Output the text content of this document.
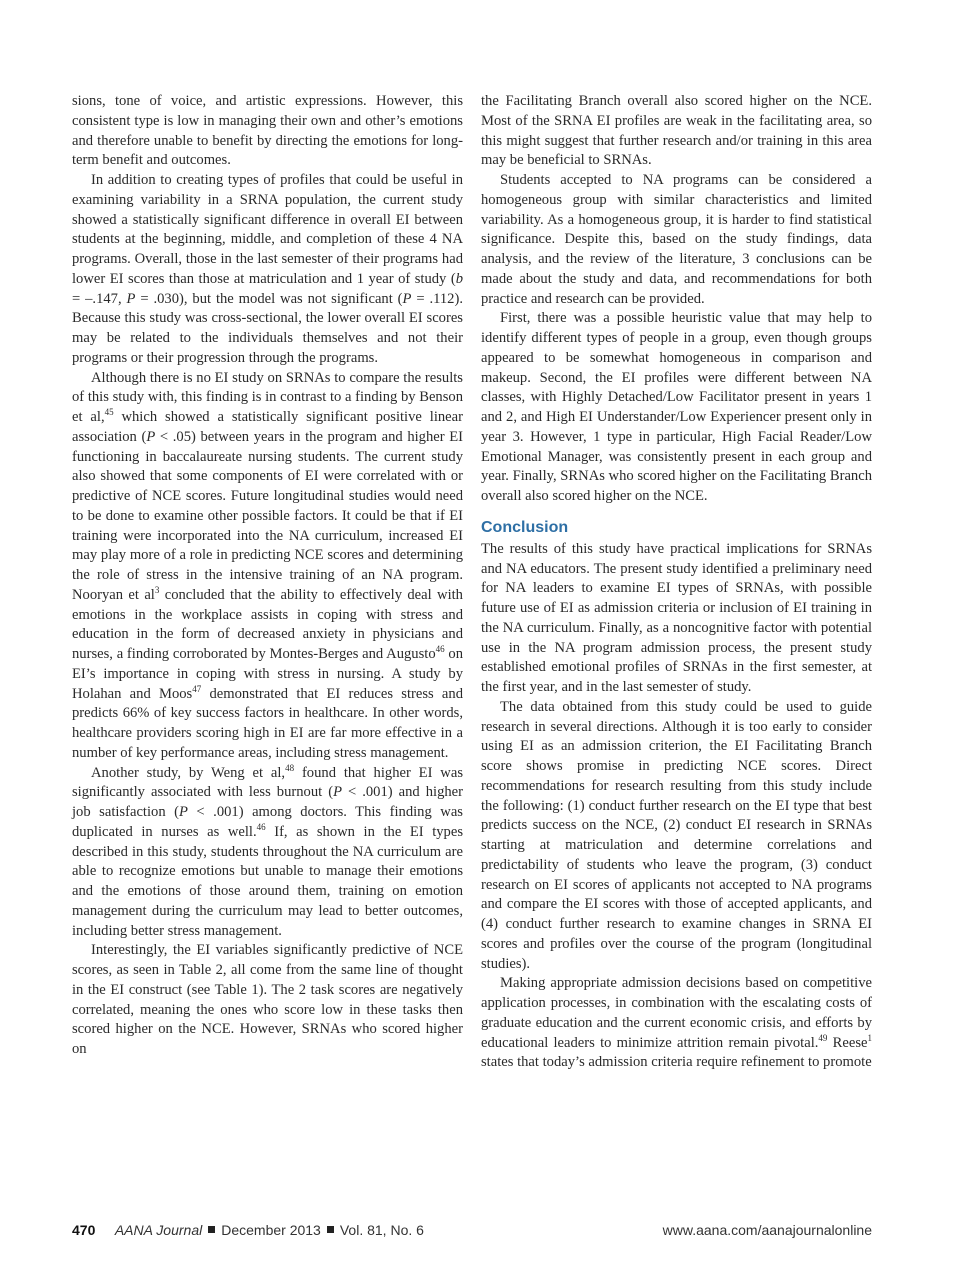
sions, tone of voice, and artistic expressions. However, this consistent type is low in managing their own and other’s emotions and therefore unable to benefit by directing the emotions for long-term benefit and outcomes.

In addition to creating types of profiles that could be useful in examining variability in a SRNA population, the current study showed a statistically significant difference in overall EI between students at the beginning, middle, and completion of these 4 NA programs. Overall, those in the last semester of their programs had lower EI scores than those at matriculation and 1 year of study (b = –.147, P = .030), but the model was not significant (P = .112). Because this study was cross-sectional, the lower overall EI scores may be related to the individuals themselves and not their programs or their progression through the programs.

Although there is no EI study on SRNAs to compare the results of this study with, this finding is in contrast to a finding by Benson et al,$^{45}$ which showed a statistically significant positive linear association (P < .05) between years in the program and higher EI functioning in baccalaureate nursing students. The current study also showed that some components of EI were correlated with or predictive of NCE scores. Future longitudinal studies would need to be done to examine other possible factors. It could be that if EI training were incorporated into the NA curriculum, increased EI may play more of a role in predicting NCE scores and determining the role of stress in the intensive training of an NA program. Nooryan et $al^3$ concluded that the ability to effectively deal with emotions in the workplace assists in coping with stress and education in the form of decreased anxiety in physicians and nurses, a finding corroborated by Montes-Berges and Augusto$^{46}$ on EI’s importance in coping with stress in nursing. A study by Holahan and Moos$^{47}$ demonstrated that EI reduces stress and predicts 66% of key success factors in healthcare. In other words, healthcare providers scoring high in EI are far more effective in a number of key performance areas, including stress management.

Another study, by Weng et al,$^{48}$ found that higher EI was significantly associated with less burnout (P < .001) and higher job satisfaction (P < .001) among doctors. This finding was duplicated in nurses as well.$^{46}$ If, as shown in the EI types described in this study, students throughout the NA curriculum are able to recognize emotions but unable to manage their emotions and the emotions of those around them, training on emotion management during the curriculum may lead to better outcomes, including better stress management.

Interestingly, the EI variables significantly predictive of NCE scores, as seen in Table 2, all come from the same line of thought in the EI construct (see Table 1). The 2 task scores are negatively correlated, meaning the ones who score low in these tasks then scored higher on the NCE. However, SRNAs who scored higher on

the Facilitating Branch overall also scored higher on the NCE. Most of the SRNA EI profiles are weak in the facilitating area, so this might suggest that further research and/or training in this area may be beneficial to SRNAs.

Students accepted to NA programs can be considered a homogeneous group with similar characteristics and limited variability. As a homogeneous group, it is harder to find statistical significance. Despite this, based on the study findings, data analysis, and the review of the literature, 3 conclusions can be made about the study and data, and recommendations for both practice and research can be provided.

First, there was a possible heuristic value that may help to identify different types of people in a group, even though groups appeared to be somewhat homogeneous in comparison and makeup. Second, the EI profiles were different between NA classes, with Highly Detached/Low Facilitator present in years 1 and 2, and High EI Understander/Low Experiencer present only in year 3. However, 1 type in particular, High Facial Reader/Low Emotional Manager, was consistently present in each group and year. Finally, SRNAs who scored higher on the Facilitating Branch overall also scored higher on the NCE.

Conclusion

The results of this study have practical implications for SRNAs and NA educators. The present study identified a preliminary need for NA leaders to examine EI types of SRNAs, with possible future use of EI as admission criteria or inclusion of EI training in the NA curriculum. Finally, as a noncognitive factor with potential use in the NA program admission process, the present study established emotional profiles of SRNAs in the first semester, at the first year, and in the last semester of study.

The data obtained from this study could be used to guide research in several directions. Although it is too early to consider using EI as an admission criterion, the EI Facilitating Branch score shows promise in predicting NCE scores. Direct recommendations for research resulting from this study include the following: (1) conduct further research on the EI type that best predicts success on the NCE, (2) conduct EI research in SRNAs starting at matriculation and determine correlations and predictability of students who leave the program, (3) conduct research on EI scores of applicants not accepted to NA programs and compare the EI scores with those of accepted applicants, and (4) conduct further research to examine changes in SRNA EI scores and profiles over the course of the program (longitudinal studies).

Making appropriate admission decisions based on competitive application processes, in combination with the escalating costs of graduate education and the current economic crisis, and efforts by educational leaders to minimize attrition remain pivotal.$^{49}$ Reese$^1$ states that today’s admission criteria require refinement to promote

470 AANA Journal December 2013 Vol. 81, No. 6	www.aana.com/aanajournalonline
